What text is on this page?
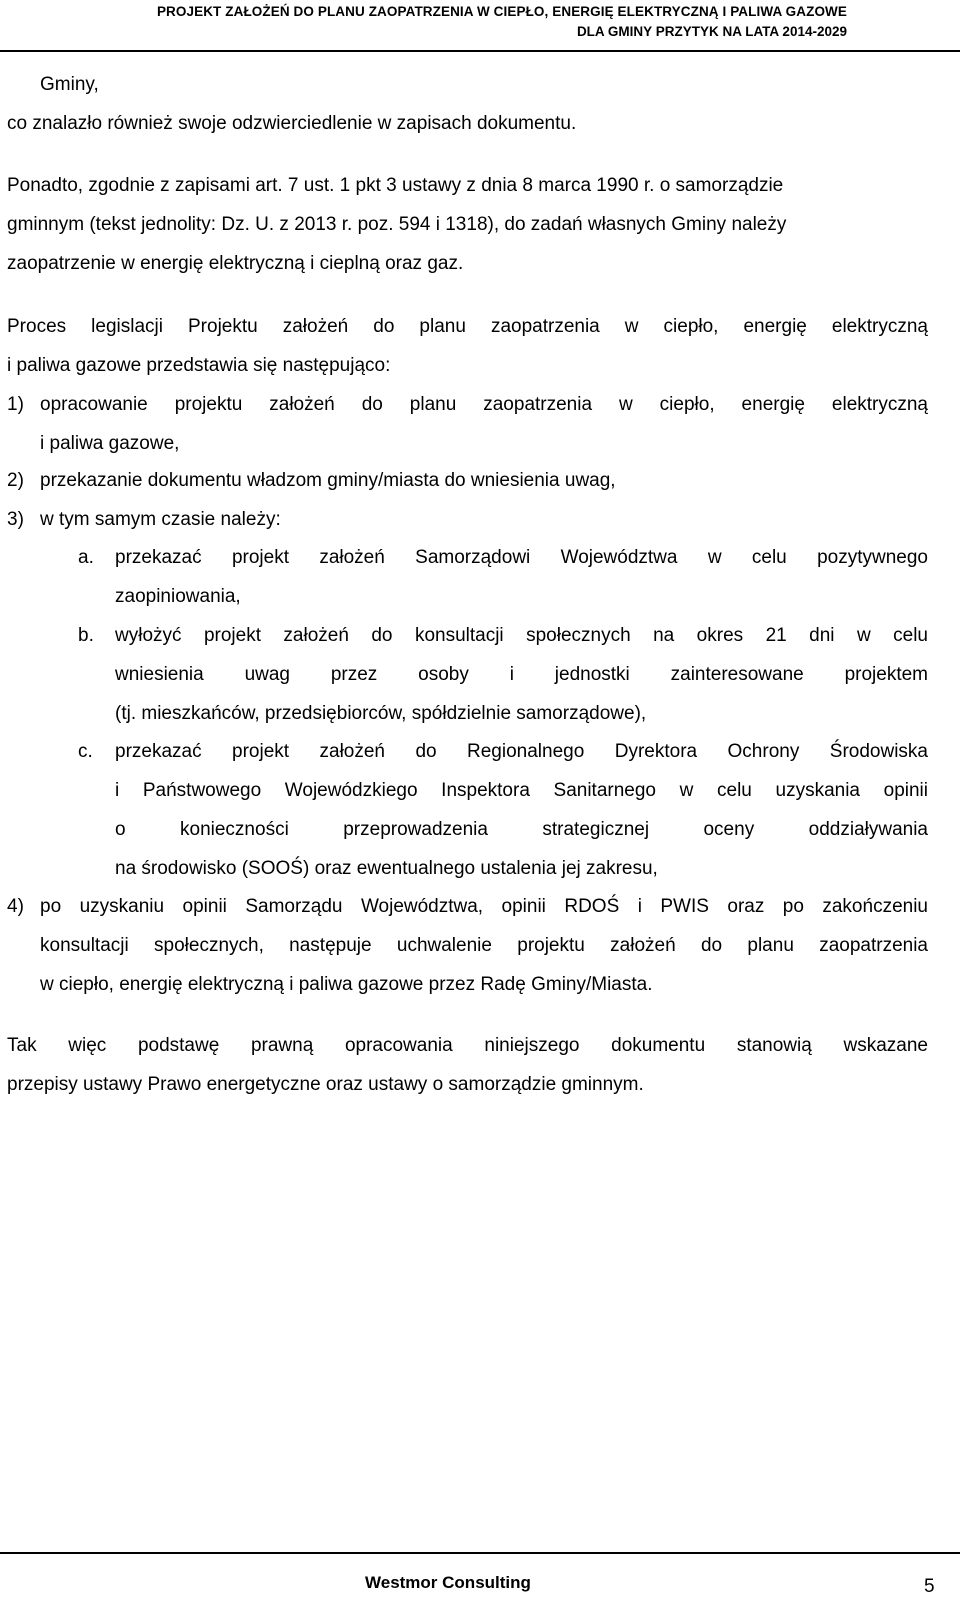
PROJEKT ZAŁOŻEŃ DO PLANU ZAOPATRZENIA W CIEPŁO, ENERGIĘ ELEKTRYCZNĄ I PALIWA GAZOWE
DLA GMINY PRZYTYK NA LATA 2014-2029
Gminy,
co znalazło również swoje odzwierciedlenie w zapisach dokumentu.
Ponadto, zgodnie z zapisami art. 7 ust. 1 pkt 3 ustawy z dnia 8 marca 1990 r. o samorządzie
gminnym (tekst jednolity: Dz. U. z 2013 r. poz. 594 i 1318), do zadań własnych Gminy należy
zaopatrzenie w energię elektryczną i cieplną oraz gaz.
Proces legislacji Projektu założeń do planu zaopatrzenia w ciepło, energię elektryczną
i paliwa gazowe przedstawia się następująco:
1) opracowanie projektu założeń do planu zaopatrzenia w ciepło, energię elektryczną
i paliwa gazowe,
2) przekazanie dokumentu władzom gminy/miasta do wniesienia uwag,
3) w tym samym czasie należy:
a. przekazać projekt założeń Samorządowi Województwa w celu pozytywnego
zaopiniowania,
b. wyłożyć projekt założeń do konsultacji społecznych na okres 21 dni w celu
wniesienia uwag przez osoby i jednostki zainteresowane projektem
(tj. mieszkańców, przedsiębiorców, spółdzielnie samorządowe),
c. przekazać projekt założeń do Regionalnego Dyrektora Ochrony Środowiska
i Państwowego Wojewódzkiego Inspektora Sanitarnego w celu uzyskania opinii
o konieczności przeprowadzenia strategicznej oceny oddziaływania
na środowisko (SOOŚ) oraz ewentualnego ustalenia jej zakresu,
4) po uzyskaniu opinii Samorządu Województwa, opinii RDOŚ i PWIS oraz po zakończeniu
konsultacji społecznych, następuje uchwalenie projektu założeń do planu zaopatrzenia
w ciepło, energię elektryczną i paliwa gazowe przez Radę Gminy/Miasta.
Tak więc podstawę prawną opracowania niniejszego dokumentu stanowią wskazane
przepisy ustawy Prawo energetyczne oraz ustawy o samorządzie gminnym.
Westmor Consulting	5
